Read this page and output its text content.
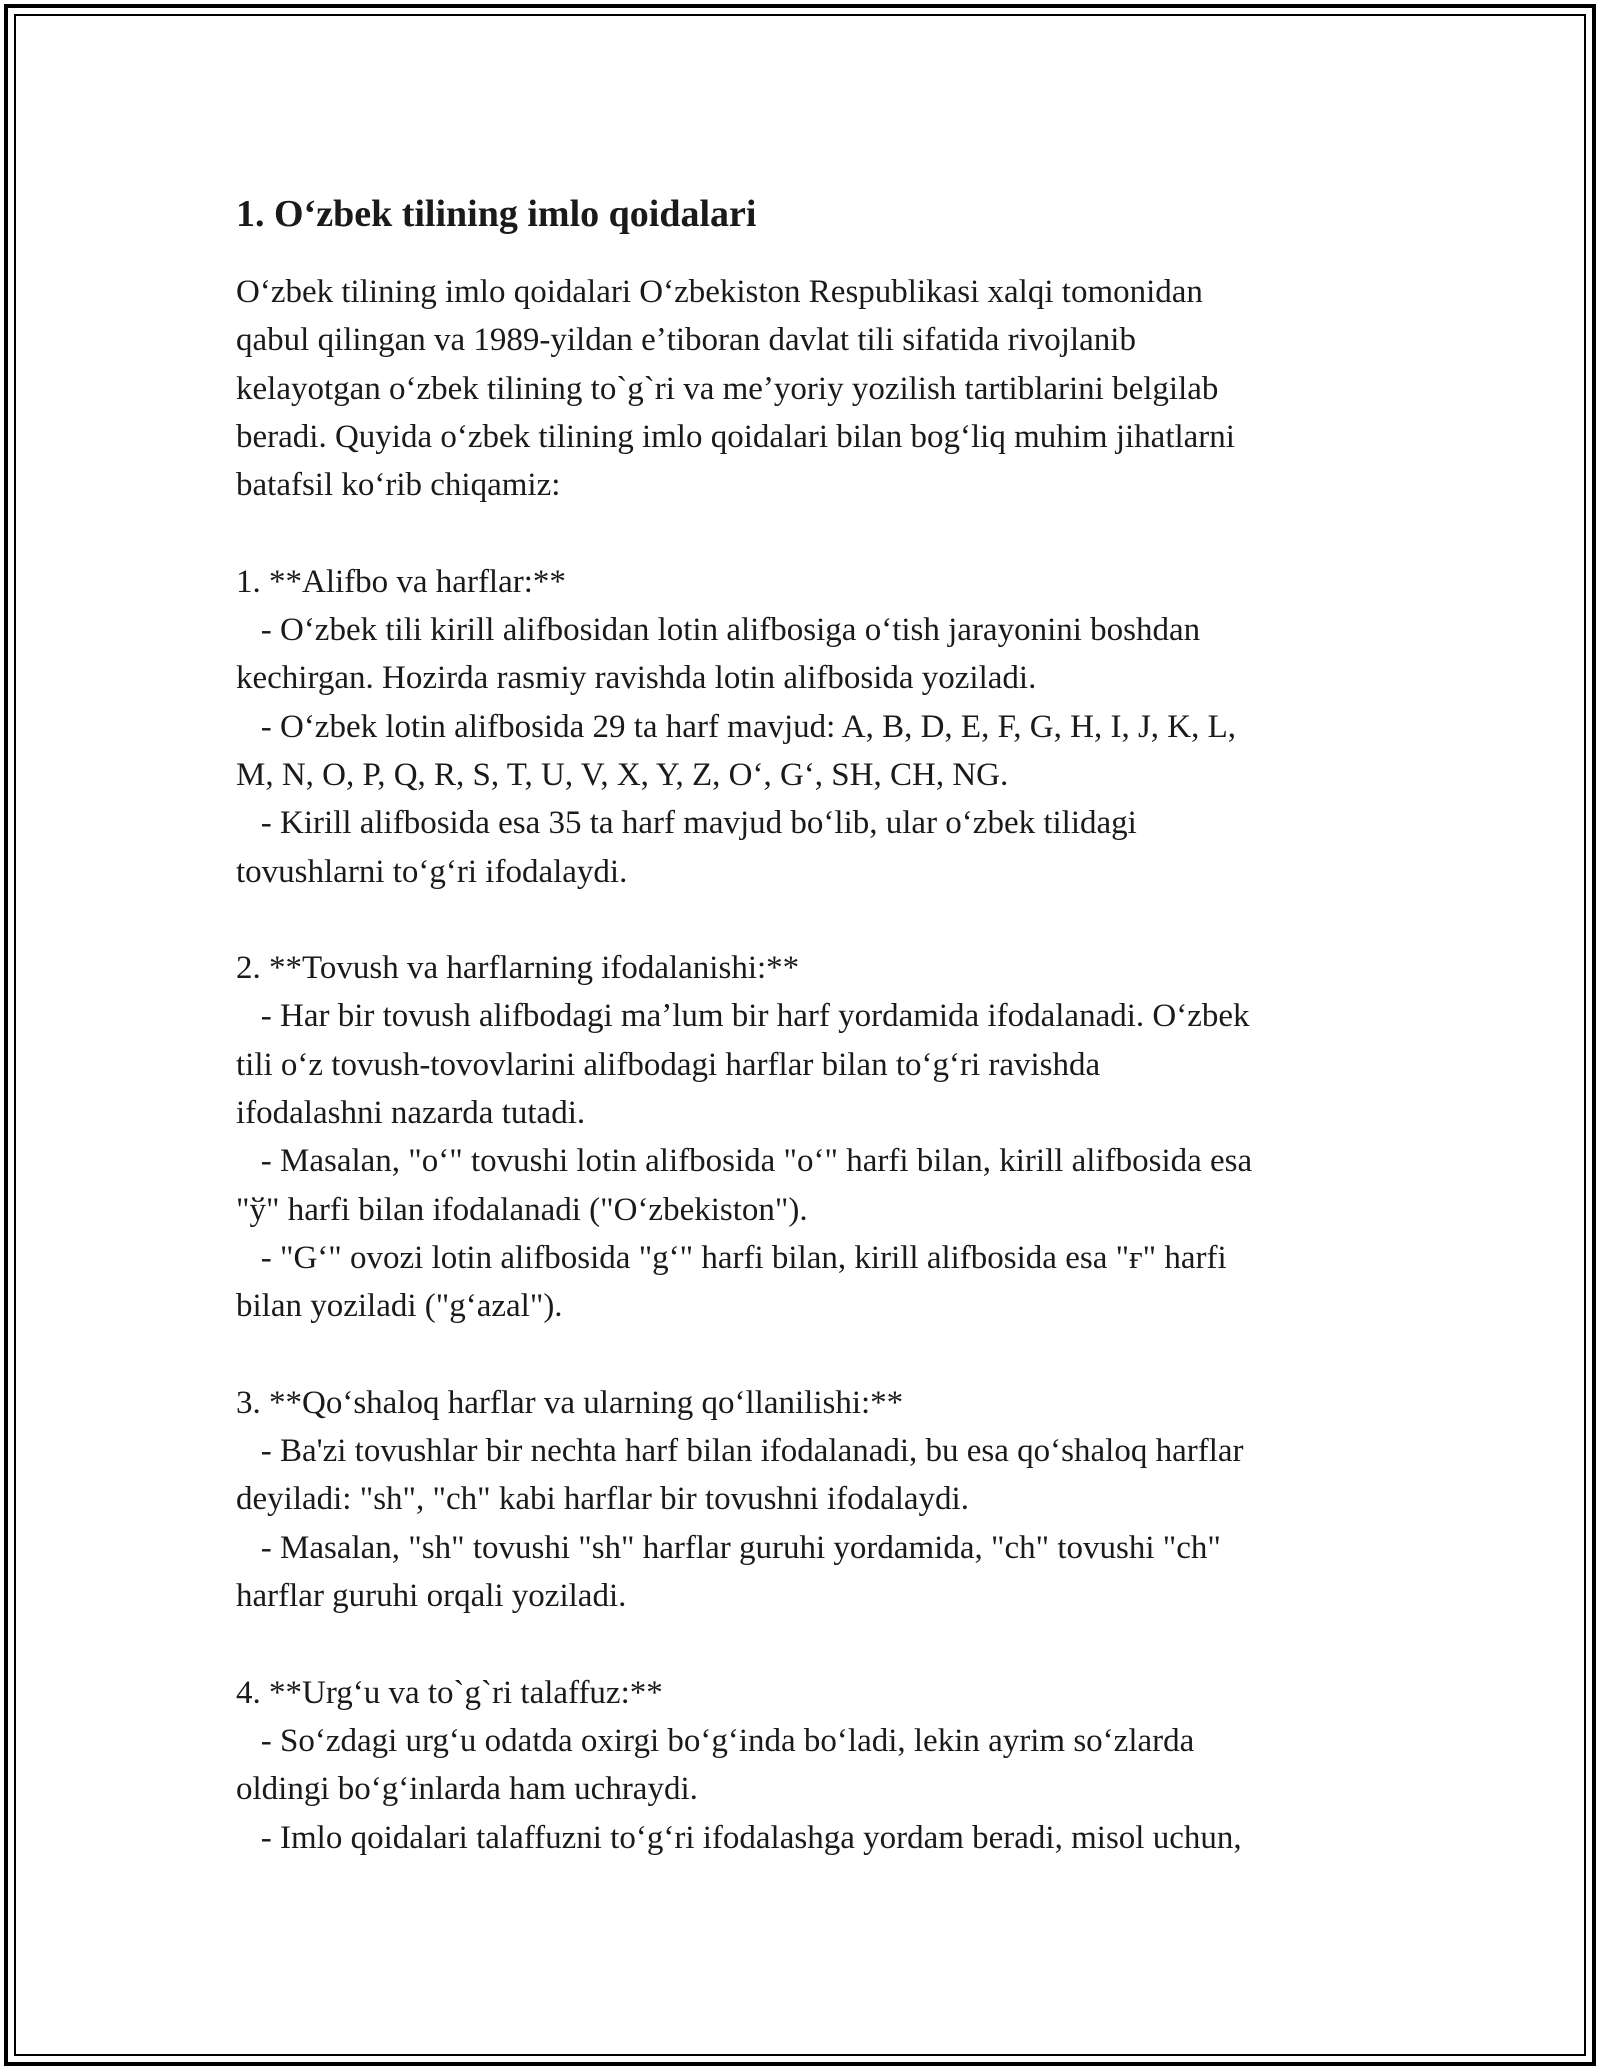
1. Oʻzbek tilining imlo qoidalari
Oʻzbek tilining imlo qoidalari Oʻzbekiston Respublikasi xalqi tomonidan
qabul qilingan va 1989-yildan eʼtiboran davlat tili sifatida rivojlanib
kelayotgan oʻzbek tilining to`g`ri va meʼyoriy yozilish tartiblarini belgilab
beradi. Quyida oʻzbek tilining imlo qoidalari bilan bogʻliq muhim jihatlarni
batafsil koʻrib chiqamiz:

1. **Alifbo va harflar:**
- Oʻzbek tili kirill alifbosidan lotin alifbosiga oʻtish jarayonini boshdan
kechirgan. Hozirda rasmiy ravishda lotin alifbosida yoziladi.
- Oʻzbek lotin alifbosida 29 ta harf mavjud: A, B, D, E, F, G, H, I, J, K, L,
M, N, O, P, Q, R, S, T, U, V, X, Y, Z, Oʻ, Gʻ, SH, CH, NG.
- Kirill alifbosida esa 35 ta harf mavjud boʻlib, ular oʻzbek tilidagi
tovushlarni toʻgʻri ifodalaydi.

2. **Tovush va harflarning ifodalanishi:**
- Har bir tovush alifbodagi maʼlum bir harf yordamida ifodalanadi. Oʻzbek
tili oʻz tovush-tovovlarini alifbodagi harflar bilan toʻgʻri ravishda
ifodalashni nazarda tutadi.
- Masalan, "oʻ" tovushi lotin alifbosida "oʻ" harfi bilan, kirill alifbosida esa
"ў" harfi bilan ifodalanadi ("Oʻzbekiston").
- "Gʻ" ovozi lotin alifbosida "gʻ" harfi bilan, kirill alifbosida esa "ғ" harfi
bilan yoziladi ("gʻazal").

3. **Qoʻshaloq harflar va ularning qoʻllanilishi:**
- Ba'zi tovushlar bir nechta harf bilan ifodalanadi, bu esa qoʻshaloq harflar
deyiladi: "sh", "ch" kabi harflar bir tovushni ifodalaydi.
- Masalan, "sh" tovushi "sh" harflar guruhi yordamida, "ch" tovushi "ch"
harflar guruhi orqali yoziladi.

4. **Urgʻu va to`g`ri talaffuz:**
- Soʻzdagi urgʻu odatda oxirgi boʻgʻinda boʻladi, lekin ayrim soʻzlarda
oldingi boʻgʻinlarda ham uchraydi.
- Imlo qoidalari talaffuzni toʻgʻri ifodalashga yordam beradi, misol uchun,
